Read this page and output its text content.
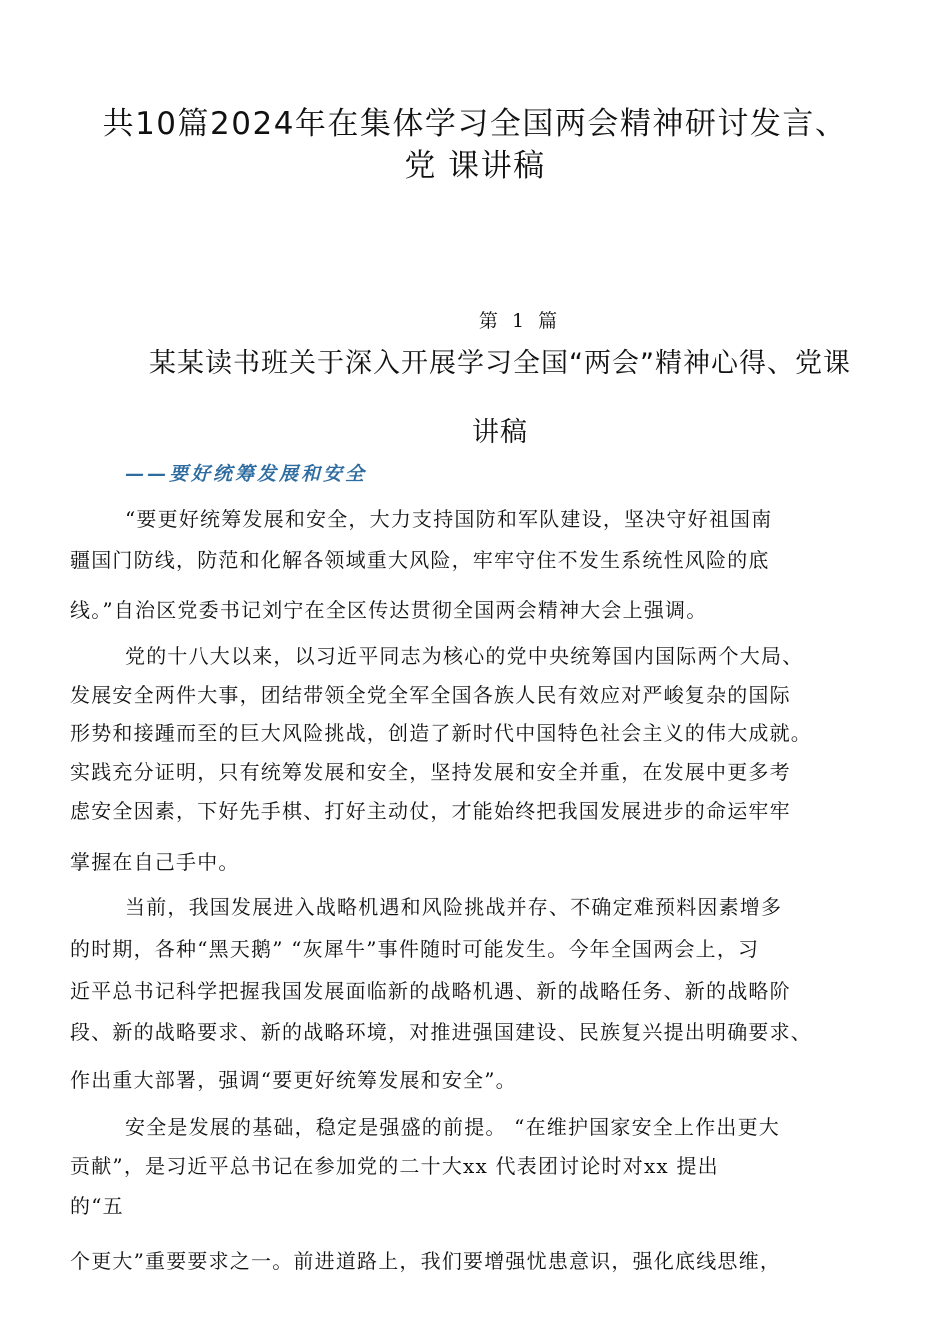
共10篇2024年在集体学习全国两会精神研讨发言、
党 课讲稿
第 1 篇
某某读书班关于深入开展学习全国“两会”精神心得、党课
讲稿
——要好统筹发展和安全
“要更好统筹发展和安全，大力支持国防和军队建设，坚决守好祖国南
疆国门防线，防范和化解各领域重大风险，牢牢守住不发生系统性风险的底
线。”自治区党委书记刘宁在全区传达贯彻全国两会精神大会上强调。
党的十八大以来，以习近平同志为核心的党中央统筹国内国际两个大局、
发展安全两件大事，团结带领全党全军全国各族人民有效应对严峻复杂的国际
形势和接踵而至的巨大风险挑战，创造了新时代中国特色社会主义的伟大成就。
实践充分证明，只有统筹发展和安全，坚持发展和安全并重，在发展中更多考
虑安全因素，下好先手棋、打好主动仗，才能始终把我国发展进步的命运牢牢
掌握在自己手中。
当前，我国发展进入战略机遇和风险挑战并存、不确定难预料因素增多
的时期，各种“黑天鹅” “灰犀牛”事件随时可能发生。今年全国两会上，习
近平总书记科学把握我国发展面临新的战略机遇、新的战略任务、新的战略阶
段、新的战略要求、新的战略环境，对推进强国建设、民族复兴提出明确要求、
作出重大部署，强调“要更好统筹发展和安全”。
安全是发展的基础，稳定是强盛的前提。 “在维护国家安全上作出更大
贡献”，是习近平总书记在参加党的二十大xx 代表团讨论时对xx 提出
的“五
个更大”重要要求之一。前进道路上，我们要增强忧患意识，强化底线思维，
